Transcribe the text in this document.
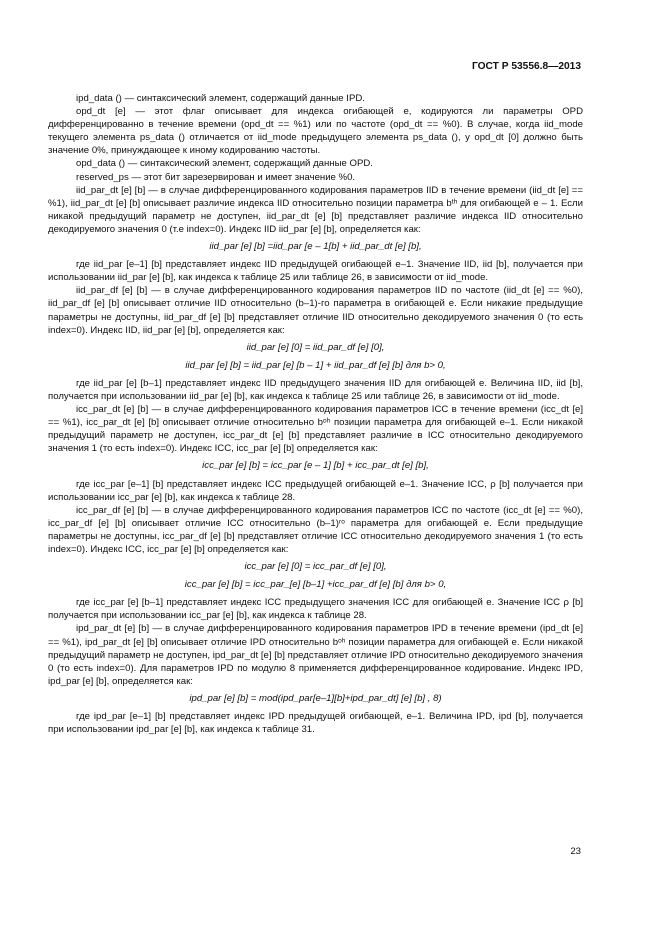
ГОСТ Р 53556.8—2013

ipd_data () — синтаксический элемент, содержащий данные IPD.

opd_dt [e] — этот флаг описывает для индекса огибающей e, кодируются ли параметры OPD дифференцированно в течение времени (opd_dt == %1) или по частоте (opd_dt == %0). В случае, когда iid_mode текущего элемента ps_data () отличается от iid_mode предыдущего элемента ps_data (), у opd_dt [0] должно быть значение 0%, принуждающее к иному кодированию частоты.

opd_data () — синтаксический элемент, содержащий данные OPD.

reserved_ps — этот бит зарезервирован и имеет значение %0.

iid_par_dt [e] [b] — в случае дифференцированного кодирования параметров IID в течение времени (iid_dt [e] == %1), iid_par_dt [e] [b] описывает различие индекса IID относительно позиции параметра bᵗʰ для огибающей e – 1. Если никакой предыдущий параметр не доступен, iid_par_dt [e] [b] представляет различие индекса IID относительно декодируемого значения 0 (т.е index=0). Индекс IID iid_par [e] [b], определяется как:

iid_par [e] [b] =iid_par [e – 1[b] + iid_par_dt [e] [b],

где iid_par [e–1] [b] представляет индекс IID предыдущей огибающей e–1. Значение IID, iid [b], получается при использовании iid_par [e] [b], как индекса к таблице 25 или таблице 26, в зависимости от iid_mode.

iid_par_df [e] [b] — в случае дифференцированного кодирования параметров IID по частоте (iid_dt [e] == %0), iid_par_df [e] [b] описывает отличие IID относительно (b–1)-го параметра в огибающей e. Если никакие предыдущие параметры не доступны, iid_par_df [e] [b] представляет отличие IID относительно декодируемого значения 0 (то есть index=0). Индекс IID, iid_par [e] [b], определяется как:

iid_par [e] [0] = iid_par_df [e] [0],

iid_par [e] [b] = iid_par [e] [b – 1] + iid_par_df [e] [b] для b> 0,

где iid_par [e] [b–1] представляет индекс IID предыдущего значения IID для огибающей e. Величина IID, iid [b], получается при использовании iid_par [e] [b], как индекса к таблице 25 или таблице 26, в зависимости от iid_mode.

icc_par_dt [e] [b] — в случае дифференцированного кодирования параметров ICC в течение времени (icc_dt [e] == %1), icc_par_dt [e] [b] описывает отличие относительно bᵒʰ позиции параметра для огибающей e–1. Если никакой предыдущий параметр не доступен, icc_par_dt [e] [b] представляет различие в ICC относительно декодируемого значения 1 (то есть index=0). Индекс ICC, icc_par [e] [b] определяется как:

icc_par [e] [b] = icc_par [e – 1] [b] + icc_par_dt [e] [b],

где icc_par [e–1] [b] представляет индекс ICC предыдущей огибающей e–1. Значение ICC, ρ [b] получается при использовании icc_par [e] [b], как индекса к таблице 28.

icc_par_df [e] [b] — в случае дифференцированного кодирования параметров ICC по частоте (icc_dt [e] == %0), icc_par_df [e] [b] описывает отличие ICC относительно (b–1)ʳᵒ параметра для огибающей e. Если предыдущие параметры не доступны, icc_par_df [e] [b] представляет отличие ICC относительно декодируемого значения 1 (то есть index=0). Индекс ICC, icc_par [e] [b] определяется как:

icc_par [e] [0] = icc_par_df [e] [0],

icc_par [e] [b] = icc_par_[e] [b–1] +icc_par_df [e] [b] для b> 0,

где icc_par [e] [b–1] представляет индекс ICC предыдущего значения ICC для огибающей e. Значение ICC ρ [b] получается при использовании icc_par [e] [b], как индекса к таблице 28.

ipd_par_dt [e] [b] — в случае дифференцированного кодирования параметров IPD в течение времени (ipd_dt [e] == %1), ipd_par_dt [e] [b] описывает отличие IPD относительно bᵒʰ позиции параметра для огибающей e. Если никакой предыдущий параметр не доступен, ipd_par_dt [e] [b] представляет отличие IPD относительно декодируемого значения 0 (то есть index=0). Для параметров IPD по модулю 8 применяется дифференцированное кодирование. Индекс IPD, ipd_par [e] [b], определяется как:

ipd_par [e] [b] = mod(ipd_par[e–1][b]+ipd_par_dt] [e] [b] , 8)

где ipd_par [e–1] [b] представляет индекс IPD предыдущей огибающей, e–1. Величина IPD, ipd [b], получается при использовании ipd_par [e] [b], как индекса к таблице 31.

23
